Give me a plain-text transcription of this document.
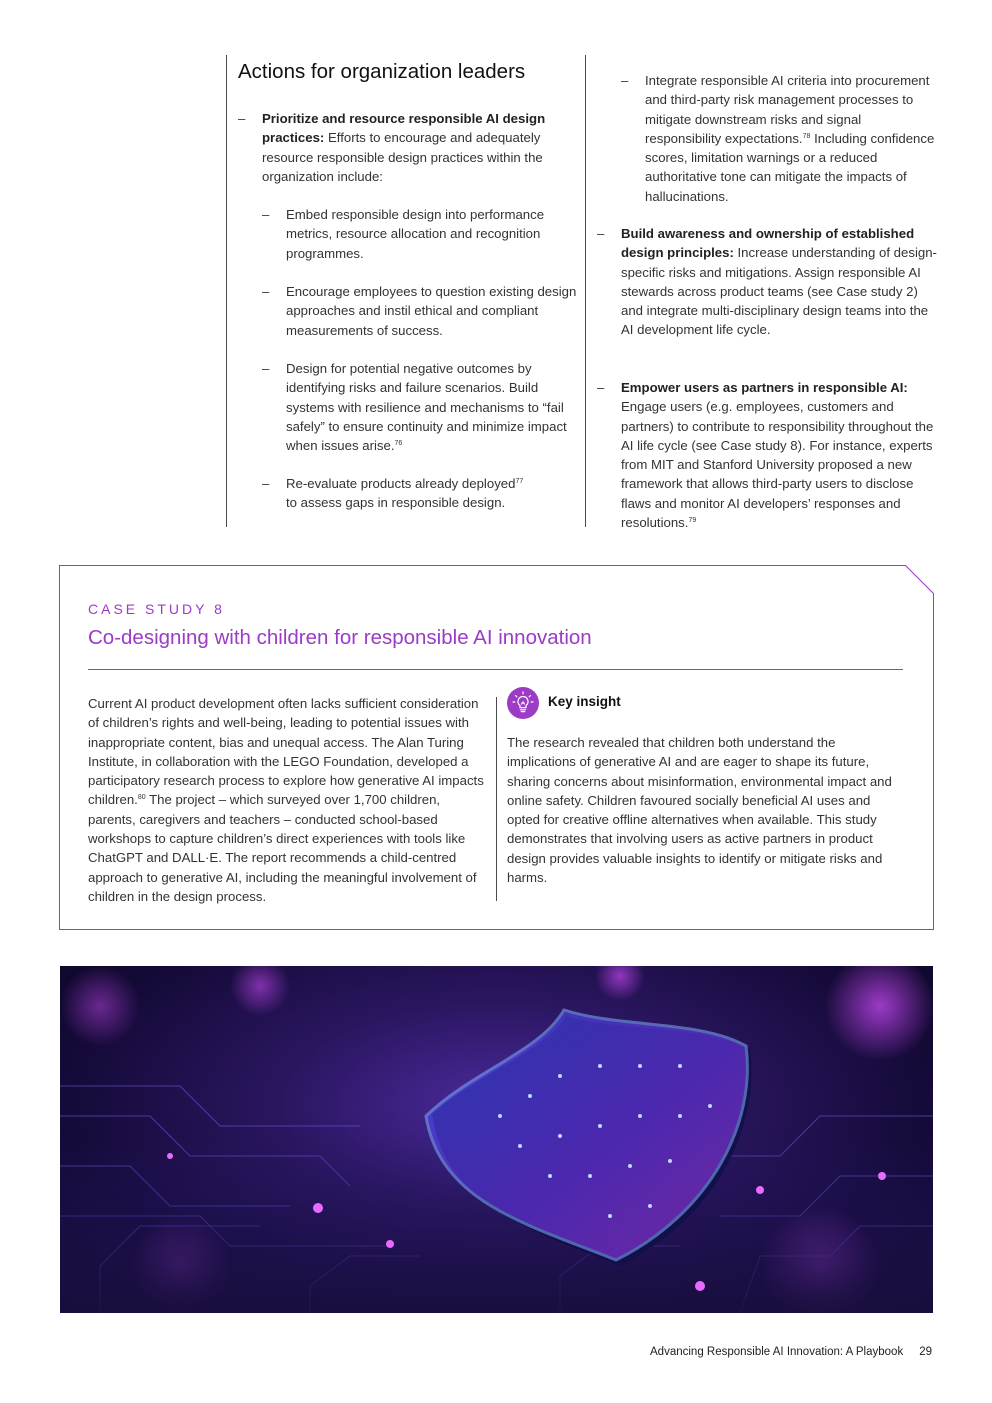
Actions for organization leaders
– Prioritize and resource responsible AI design practices: Efforts to encourage and adequately resource responsible design practices within the organization include:
– Embed responsible design into performance metrics, resource allocation and recognition programmes.
– Encourage employees to question existing design approaches and instil ethical and compliant measurements of success.
– Design for potential negative outcomes by identifying risks and failure scenarios. Build systems with resilience and mechanisms to “fail safely” to ensure continuity and minimize impact when issues arise.$^{76}$
– Re-evaluate products already deployed$^{77}$
to assess gaps in responsible design.
– Integrate responsible AI criteria into procurement and third-party risk management processes to mitigate downstream risks and signal responsibility expectations.$^{78}$ Including confidence scores, limitation warnings or a reduced authoritative tone can mitigate the impacts of hallucinations.
– Build awareness and ownership of established design principles: Increase understanding of design-specific risks and mitigations. Assign responsible AI stewards across product teams (see Case study 2) and integrate multi-disciplinary design teams into the AI development life cycle.
– Empower users as partners in responsible AI: Engage users (e.g. employees, customers and partners) to contribute to responsibility throughout the AI life cycle (see Case study 8). For instance, experts from MIT and Stanford University proposed a new framework that allows third-party users to disclose flaws and monitor AI developers’ responses and resolutions.$^{79}$
CASE STUDY 8
Co-designing with children for responsible AI innovation
Current AI product development often lacks sufficient consideration of children’s rights and well-being, leading to potential issues with inappropriate content, bias and unequal access. The Alan Turing Institute, in collaboration with the LEGO Foundation, developed a participatory research process to explore how generative AI impacts children.$^{80}$ The project – which surveyed over 1,700 children, parents, caregivers and teachers – conducted school-based workshops to capture children’s direct experiences with tools like ChatGPT and DALL·E. The report recommends a child-centred approach to generative AI, including the meaningful involvement of children in the design process.
Key insight
The research revealed that children both understand the implications of generative AI and are eager to shape its future, sharing concerns about misinformation, environmental impact and online safety. Children favoured socially beneficial AI uses and opted for creative offline alternatives when available. This study demonstrates that involving users as active partners in product design provides valuable insights to identify or mitigate risks and harms.
Advancing Responsible AI Innovation: A Playbook 29
